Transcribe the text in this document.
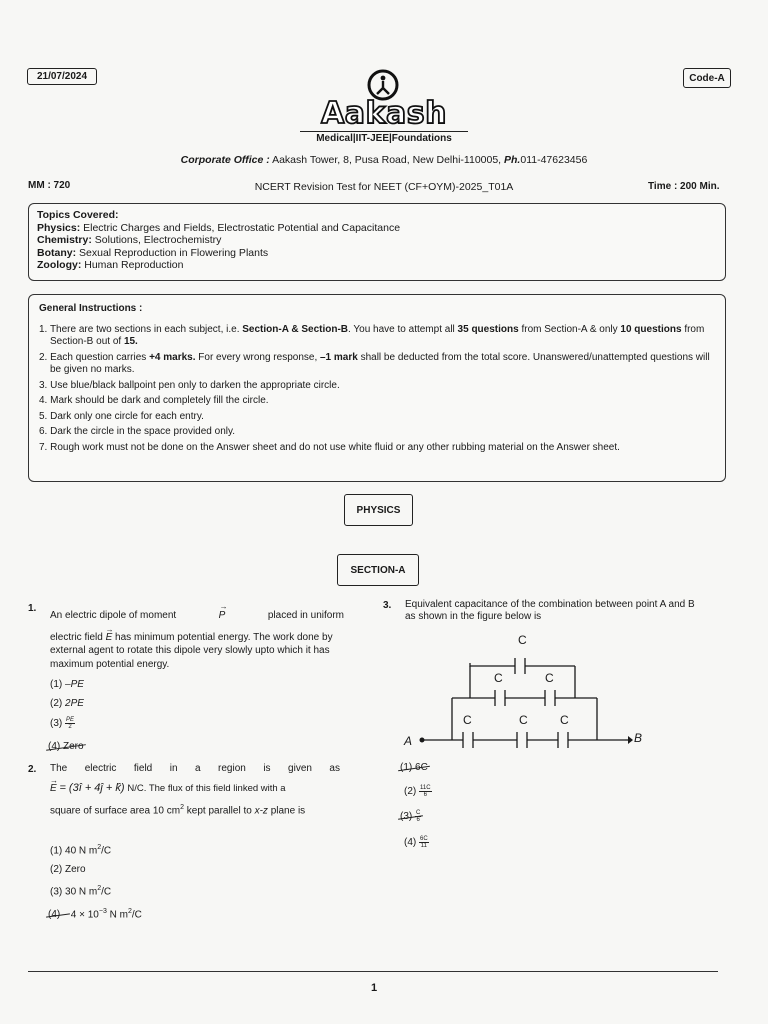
21/07/2024	Code-A
Aakash
Medical|IIT-JEE|Foundations
Corporate Office : Aakash Tower, 8, Pusa Road, New Delhi-110005, Ph.011-47623456
MM : 720	NCERT Revision Test for NEET (CF+OYM)-2025_T01A	Time : 200 Min.
Topics Covered:
Physics: Electric Charges and Fields, Electrostatic Potential and Capacitance
Chemistry: Solutions, Electrochemistry
Botany: Sexual Reproduction in Flowering Plants
Zoology: Human Reproduction
General Instructions :
1. There are two sections in each subject, i.e. Section-A & Section-B. You have to attempt all 35 questions from Section-A & only 10 questions from Section-B out of 15.
2. Each question carries +4 marks. For every wrong response, –1 mark shall be deducted from the total score. Unanswered/unattempted questions will be given no marks.
3. Use blue/black ballpoint pen only to darken the appropriate circle.
4. Mark should be dark and completely fill the circle.
5. Dark only one circle for each entry.
6. Dark the circle in the space provided only.
7. Rough work must not be done on the Answer sheet and do not use white fluid or any other rubbing material on the Answer sheet.
PHYSICS
SECTION-A
1.
An electric dipole of moment
→
P	placed in uniform
electric field
→
E has minimum potential energy. The work done by external agent to rotate this dipole very slowly upto which it has maximum potential energy.
(1) –PE
(2) 2PE
$(3) \frac{PE}{2}$
(4) Zero
2. The electric field in a region is given as
→
E = (3î + 4ĵ + k̂) N/C. The flux of this field linked with a
square of surface area 10 $cm^2$ kept parallel to x-z plane is
(1) 40 N $m^2/C$
(2) Zero
(3) 30 N $m^2/C$
(4) $4 \times 10^{-3}$ N $m^2/C$
3. Equivalent capacitance of the combination between point A and B as shown in the figure below is
C
C	C
C	C	C
A	B
(1) 6C
$(2) \frac{11C}{6}$
$(3) \frac{C}{6}$
$(4) \frac{6C}{11}$
1
